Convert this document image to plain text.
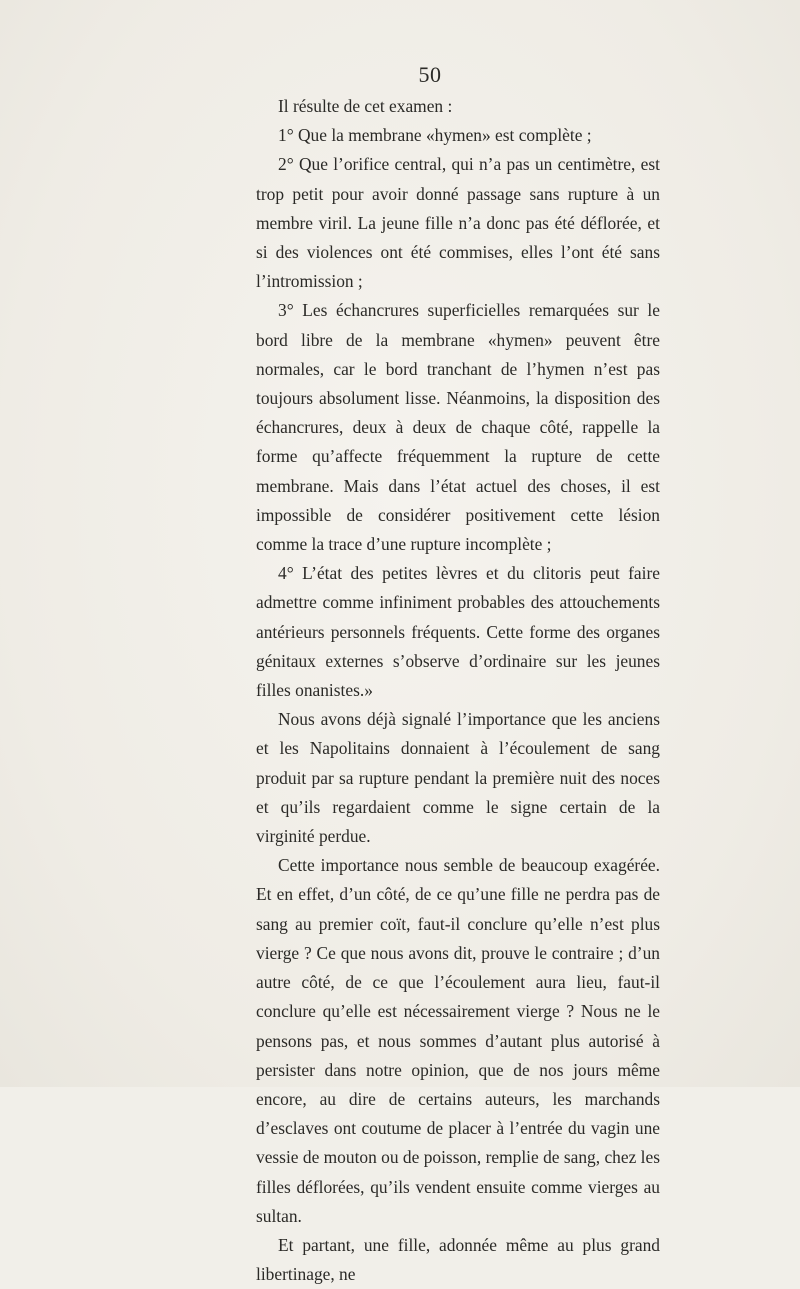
50

Il résulte de cet examen :

1° Que la membrane «hymen» est complète ;

2° Que l’orifice central, qui n’a pas un centimètre, est trop petit pour avoir donné passage sans rupture à un membre viril. La jeune fille n’a donc pas été déflorée, et si des violences ont été commises, elles l’ont été sans l’intromission ;

3° Les échancrures superficielles remarquées sur le bord libre de la membrane «hymen» peuvent être normales, car le bord tranchant de l’hymen n’est pas toujours absolument lisse. Néanmoins, la disposition des échancrures, deux à deux de chaque côté, rappelle la forme qu’affecte fréquemment la rupture de cette membrane. Mais dans l’état actuel des choses, il est impossible de considérer positivement cette lésion comme la trace d’une rupture incomplète ;

4° L’état des petites lèvres et du clitoris peut faire admettre comme infiniment probables des attouchements antérieurs personnels fréquents. Cette forme des organes génitaux externes s’observe d’ordinaire sur les jeunes filles onanistes.»

Nous avons déjà signalé l’importance que les anciens et les Napolitains donnaient à l’écoulement de sang produit par sa rupture pendant la première nuit des noces et qu’ils regardaient comme le signe certain de la virginité perdue.

Cette importance nous semble de beaucoup exagérée. Et en effet, d’un côté, de ce qu’une fille ne perdra pas de sang au premier coït, faut-il conclure qu’elle n’est plus vierge ? Ce que nous avons dit, prouve le contraire ; d’un autre côté, de ce que l’écoulement aura lieu, faut-il conclure qu’elle est nécessairement vierge ? Nous ne le pensons pas, et nous sommes d’autant plus autorisé à persister dans notre opinion, que de nos jours même encore, au dire de certains auteurs, les marchands d’esclaves ont coutume de placer à l’entrée du vagin une vessie de mouton ou de poisson, remplie de sang, chez les filles déflorées, qu’ils vendent ensuite comme vierges au sultan.

Et partant, une fille, adonnée même au plus grand libertinage, ne
